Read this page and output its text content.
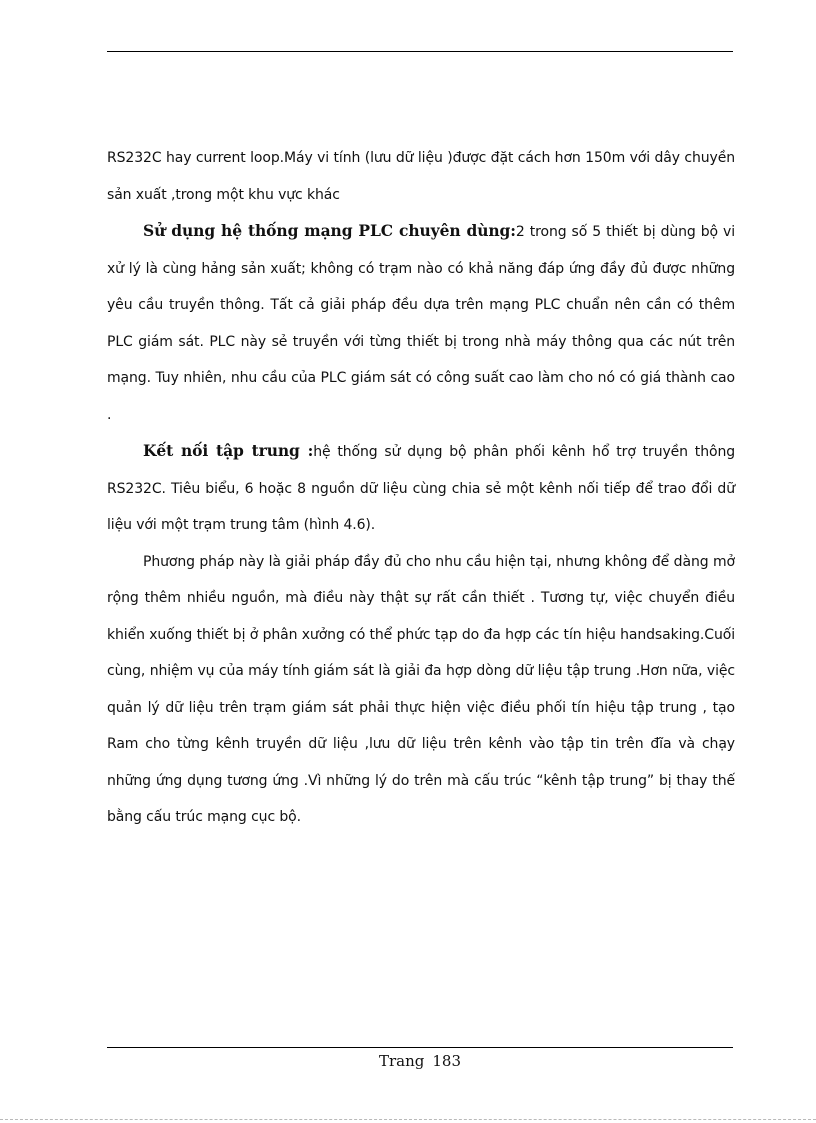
RS232C hay current loop.Máy vi tính (lưu dữ liệu )được đặt cách hơn 150m với dây chuyền sản xuất ,trong một khu vực khác

Sử dụng hệ thống mạng PLC chuyên dùng:2 trong số 5 thiết bị dùng bộ vi xử lý là cùng hảng sản xuất; không có trạm nào có khả năng đáp ứng đầy đủ được những yêu cầu truyền thông. Tất cả giải pháp đều dựa trên mạng PLC chuẩn nên cần có thêm PLC giám sát. PLC này sẻ truyền với từng thiết bị trong nhà máy thông qua các nút trên mạng. Tuy nhiên, nhu cầu của PLC giám sát có công suất cao làm cho nó có giá thành cao .

Kết nối tập trung :hệ thống sử dụng bộ phân phối kênh hổ trợ truyền thông RS232C. Tiêu biểu, 6 hoặc 8 nguồn dữ liệu cùng chia sẻ một kênh nối tiếp để trao đổi dữ liệu với một trạm trung tâm (hình 4.6).

Phương pháp này là giải pháp đầy đủ cho nhu cầu hiện tại, nhưng không để dàng mở rộng thêm nhiều nguồn, mà điều này thật sự rất cần thiết . Tương tự, việc chuyển điều khiển xuống thiết bị ở phân xưởng có thể phức tạp do đa hợp các tín hiệu handsaking.Cuối cùng, nhiệm vụ của máy tính giám sát là giải đa hợp dòng dữ liệu tập trung .Hơn nữa, việc quản lý dữ liệu trên trạm giám sát phải thực hiện việc điều phối tín hiệu tập trung , tạo Ram cho từng kênh truyền dữ liệu ,lưu dữ liệu trên kênh vào tập tin trên đĩa và chạy những ứng dụng tương ứng .Vì những lý do trên mà cấu trúc “kênh tập trung” bị thay thế bằng cấu trúc mạng cục bộ.

Trang 183
